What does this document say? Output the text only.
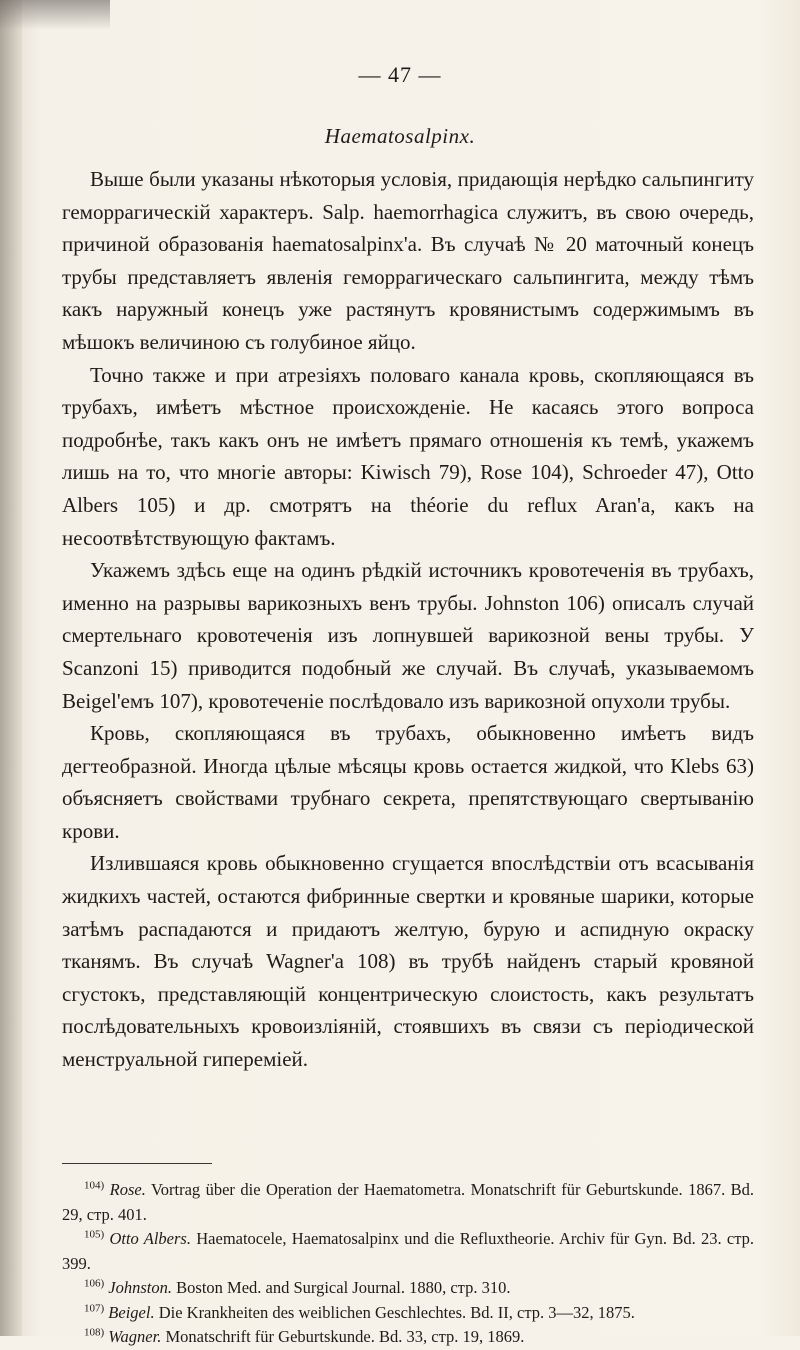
— 47 —
Haematosalpinx.

Выше были указаны нѣкоторыя условія, придающія нерѣдко сальпингиту геморрагическій характеръ. Salp. haemorrhagica служитъ, въ свою очередь, причиной образованія haematosalpinx'a. Въ случаѣ № 20 маточный конецъ трубы представляетъ явленія геморрагическаго сальпингита, между тѣмъ какъ наружный конецъ уже растянутъ кровянистымъ содержимымъ въ мѣшокъ величиною съ голубиное яйцо.

Точно также и при атрезіяхъ половаго канала кровь, скопляющаяся въ трубахъ, имѣетъ мѣстное происхожденіе. Не касаясь этого вопроса подробнѣе, такъ какъ онъ не имѣетъ прямаго отношенія къ темѣ, укажемъ лишь на то, что многіе авторы: Kiwisch 79), Rose 104), Schroeder 47), Otto Albers 105) и др. смотрятъ на théorie du reflux Aran'a, какъ на несоотвѣтствующую фактамъ.

Укажемъ здѣсь еще на одинъ рѣдкій источникъ кровотеченія въ трубахъ, именно на разрывы варикозныхъ венъ трубы. Johnston 106) описалъ случай смертельнаго кровотеченія изъ лопнувшей варикозной вены трубы. У Scanzoni 15) приводится подобный же случай. Въ случаѣ, указываемомъ Beigel'емъ 107), кровотеченіе послѣдовало изъ варикозной опухоли трубы.

Кровь, скопляющаяся въ трубахъ, обыкновенно имѣетъ видъ дегтеобразной. Иногда цѣлые мѣсяцы кровь остается жидкой, что Klebs 63) объясняетъ свойствами трубнаго секрета, препятствующаго свертыванію крови.

Излившаяся кровь обыкновенно сгущается впослѣдствіи отъ всасыванія жидкихъ частей, остаются фибринные свертки и кровяные шарики, которые затѣмъ распадаются и придаютъ желтую, бурую и аспидную окраску тканямъ. Въ случаѣ Wagner'а 108) въ трубѣ найденъ старый кровяной сгустокъ, представляющій концентрическую слоистость, какъ результатъ послѣдовательныхъ кровоизліяній, стоявшихъ въ связи съ періодической менструальной гипереміей.

$^{104)}$ Rose. Vortrag über die Operation der Haematometra. Monatschrift für Geburtskunde. 1867. Bd. 29, стр. 401.

$^{105)}$ Otto Albers. Haematocele, Haematosalpinx und die Refluxtheorie. Archiv für Gyn. Bd. 23. стр. 399.

$^{106)}$ Johnston. Boston Med. and Surgical Journal. 1880, стр. 310.

$^{107)}$ Beigel. Die Krankheiten des weiblichen Geschlechtes. Bd. II, стр. 3—32, 1875.

$^{108)}$ Wagner. Monatschrift für Geburtskunde. Bd. 33, стр. 19, 1869.
